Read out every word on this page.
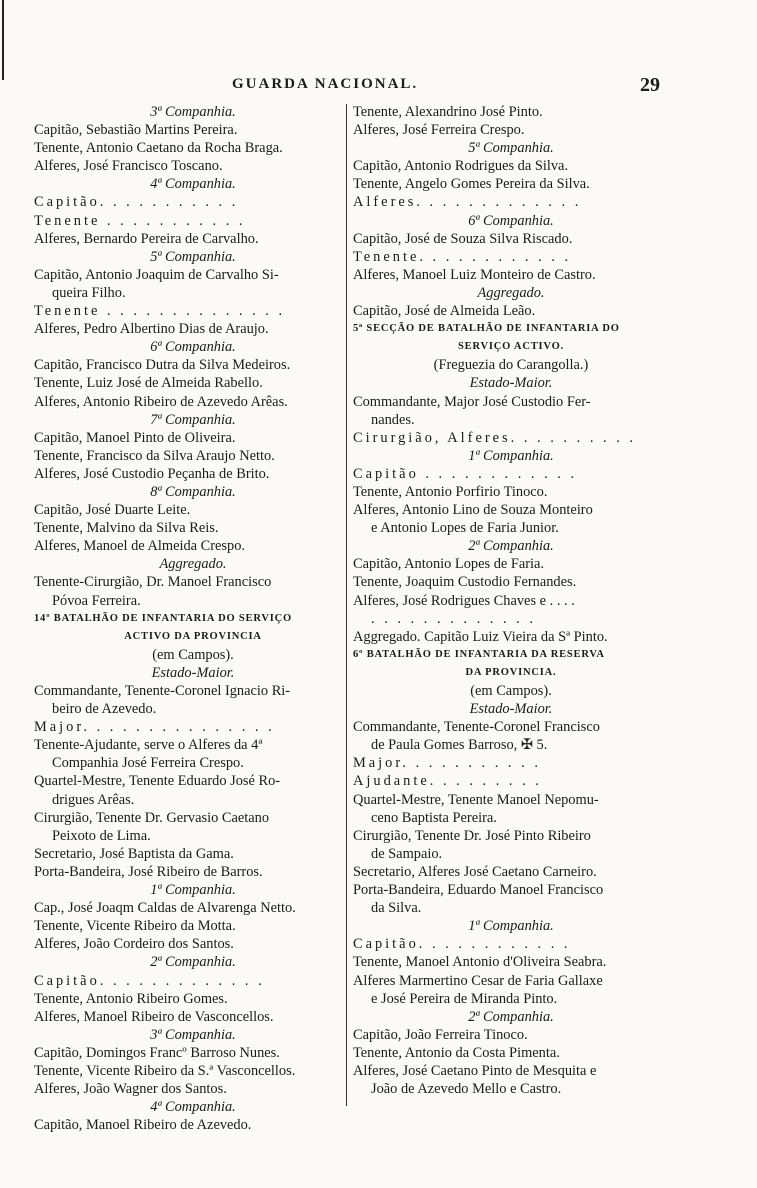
GUARDA NACIONAL.	29
3ª Companhia.
Capitão, Sebastião Martins Pereira.
Tenente, Antonio Caetano da Rocha Braga.
Alferes, José Francisco Toscano.
4ª Companhia.
Capitão. . . . . . . . . . .
Tenente . . . . . . . . . . .
Alferes, Bernardo Pereira de Carvalho.
5ª Companhia.
Capitão, Antonio Joaquim de Carvalho Si-
queira Filho.
Tenente . . . . . . . . . . . . . .
Alferes, Pedro Albertino Dias de Araujo.
6ª Companhia.
Capitão, Francisco Dutra da Silva Medeiros.
Tenente, Luiz José de Almeida Rabello.
Alferes, Antonio Ribeiro de Azevedo Arêas.
7ª Companhia.
Capitão, Manoel Pinto de Oliveira.
Tenente, Francisco da Silva Araujo Netto.
Alferes, José Custodio Peçanha de Brito.
8ª Companhia.
Capitão, José Duarte Leite.
Tenente, Malvino da Silva Reis.
Alferes, Manoel de Almeida Crespo.
Aggregado.
Tenente-Cirurgião, Dr. Manoel Francisco
Póvoa Ferreira.
14º BATALHÃO DE INFANTARIA DO SERVIÇO
ACTIVO DA PROVINCIA
(em Campos).
Estado-Maior.
Commandante, Tenente-Coronel Ignacio Ri-
beiro de Azevedo.
Major. . . . . . . . . . . . . . .
Tenente-Ajudante, serve o Alferes da 4ª
Companhia José Ferreira Crespo.
Quartel-Mestre, Tenente Eduardo José Ro-
drigues Arêas.
Cirurgião, Tenente Dr. Gervasio Caetano
Peixoto de Lima.
Secretario, José Baptista da Gama.
Porta-Bandeira, José Ribeiro de Barros.
1ª Companhia.
Cap., José Joaqm Caldas de Alvarenga Netto.
Tenente, Vicente Ribeiro da Motta.
Alferes, João Cordeiro dos Santos.
2ª Companhia.
Capitão. . . . . . . . . . . . .
Tenente, Antonio Ribeiro Gomes.
Alferes, Manoel Ribeiro de Vasconcellos.
3ª Companhia.
Capitão, Domingos Francº Barroso Nunes.
Tenente, Vicente Ribeiro da S.ª Vasconcellos.
Alferes, João Wagner dos Santos.
4ª Companhia.
Capitão, Manoel Ribeiro de Azevedo.
Tenente, Alexandrino José Pinto.
Alferes, José Ferreira Crespo.
5ª Companhia.
Capitão, Antonio Rodrigues da Silva.
Tenente, Angelo Gomes Pereira da Silva.
Alferes. . . . . . . . . . . . .
6ª Companhia.
Capitão, José de Souza Silva Riscado.
Tenente. . . . . . . . . . . .
Alferes, Manoel Luiz Monteiro de Castro.
Aggregado.
Capitão, José de Almeida Leão.
5ª SECÇÃO DE BATALHÃO DE INFANTARIA DO
SERVIÇO ACTIVO.
(Freguezia do Carangolla.)
Estado-Maior.
Commandante, Major José Custodio Fer-
nandes.
Cirurgião, Alferes. . . . . . . . . .
1ª Companhia.
Capitão . . . . . . . . . . . .
Tenente, Antonio Porfirio Tinoco.
Alferes, Antonio Lino de Souza Monteiro
e Antonio Lopes de Faria Junior.
2ª Companhia.
Capitão, Antonio Lopes de Faria.
Tenente, Joaquim Custodio Fernandes.
Alferes, José Rodrigues Chaves e . . . .
. . . . . . . . . . . . .
Aggregado. Capitão Luiz Vieira da Sª Pinto.
6º BATALHÃO DE INFANTARIA DA RESERVA
DA PROVINCIA.
(em Campos).
Estado-Maior.
Commandante, Tenente-Coronel Francisco
de Paula Gomes Barroso, ✠ 5.
Major. . . . . . . . . . .
Ajudante. . . . . . . . .
Quartel-Mestre, Tenente Manoel Nepomu-
ceno Baptista Pereira.
Cirurgião, Tenente Dr. José Pinto Ribeiro
de Sampaio.
Secretario, Alferes José Caetano Carneiro.
Porta-Bandeira, Eduardo Manoel Francisco
da Silva.
1ª Companhia.
Capitão. . . . . . . . . . . .
Tenente, Manoel Antonio d'Oliveira Seabra.
Alferes Marmertino Cesar de Faria Gallaxe
e José Pereira de Miranda Pinto.
2ª Companhia.
Capitão, João Ferreira Tinoco.
Tenente, Antonio da Costa Pimenta.
Alferes, José Caetano Pinto de Mesquita e
João de Azevedo Mello e Castro.
